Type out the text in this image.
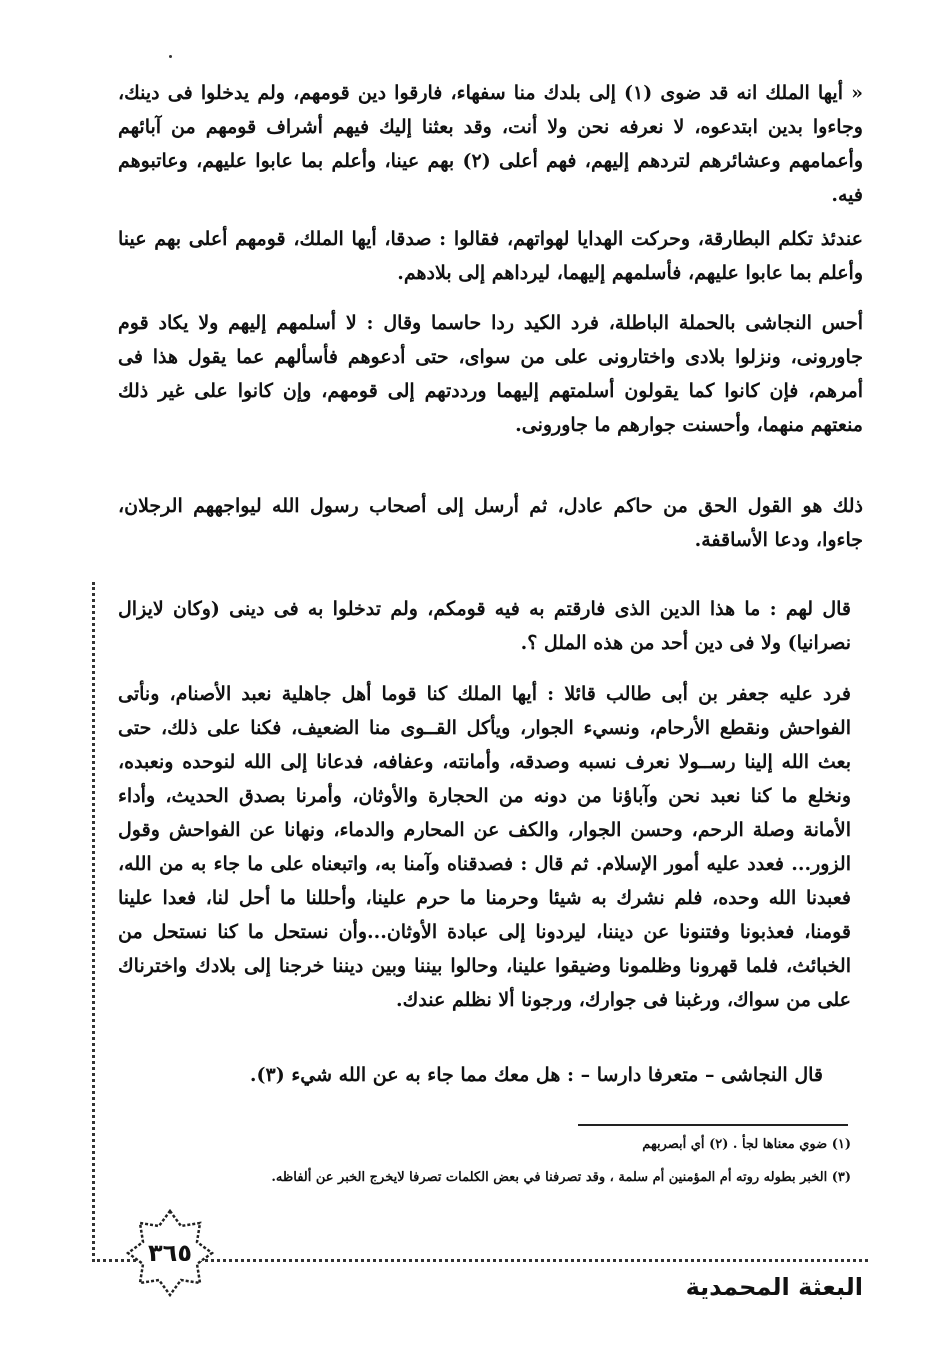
« أيها الملك انه قد ضوى (١) إلى بلدك منا سفهاء، فارقوا دين قومهم، ولم يدخلوا فى دينك، وجاءوا بدين ابتدعوه، لا نعرفه نحن ولا أنت، وقد بعثنا إليك فيهم أشراف قومهم من آبائهم وأعمامهم وعشائرهم لتردهم إليهم، فهم أعلى (٢) بهم عينا، وأعلم بما عابوا عليهم، وعاتبوهم فيه.

عندئذ تكلم البطارقة، وحركت الهدايا لهواتهم، فقالوا : صدقا، أيها الملك، قومهم أعلى بهم عينا وأعلم بما عابوا عليهم، فأسلمهم إليهما، ليرداهم إلى بلادهم.

أحس النجاشى بالحملة الباطلة، فرد الكيد ردا حاسما وقال : لا أسلمهم إليهم ولا يكاد قوم جاورونى، ونزلوا بلادى واختارونى على من سواى، حتى أدعوهم فأسألهم عما يقول هذا فى أمرهم، فإن كانوا كما يقولون أسلمتهم إليهما ورددتهم إلى قومهم، وإن كانوا على غير ذلك منعتهم منهما، وأحسنت جوارهم ما جاورونى.

ذلك هو القول الحق من حاكم عادل، ثم أرسل إلى أصحاب رسول الله ليواجههم الرجلان، جاءوا، ودعا الأساقفة.

قال لهم : ما هذا الدين الذى فارقتم به فيه قومكم، ولم تدخلوا به فى دينى (وكان لايزال نصرانيا) ولا فى دين أحد من هذه الملل ؟.

فرد عليه جعفر بن أبى طالب قائلا : أيها الملك كنا قوما أهل جاهلية نعبد الأصنام، ونأتى الفواحش ونقطع الأرحام، ونسيء الجوار، ويأكل القــوى منا الضعيف، فكنا على ذلك، حتى بعث الله إلينا رســولا نعرف نسبه وصدقه، وأمانته، وعفافه، فدعانا إلى الله لنوحده ونعبده، ونخلع ما كنا نعبد نحن وآباؤنا من دونه من الحجارة والأوثان، وأمرنا بصدق الحديث، وأداء الأمانة وصلة الرحم، وحسن الجوار، والكف عن المحارم والدماء، ونهانا عن الفواحش وقول الزور... فعدد عليه أمور الإسلام. ثم قال : فصدقناه وآمنا به، واتبعناه على ما جاء به من الله، فعبدنا الله وحده، فلم نشرك به شيئا وحرمنا ما حرم علينا، وأحللنا ما أحل لنا، فعدا علينا قومنا، فعذبونا وفتنونا عن ديننا، ليردونا إلى عبادة الأوثان...وأن نستحل ما كنا نستحل من الخبائث، فلما قهرونا وظلمونا وضيقوا علينا، وحالوا بيننا وبين ديننا خرجنا إلى بلادك واخترناك على من سواك، ورغبنا فى جوارك، ورجونا ألا نظلم عندك.

قال النجاشى – متعرفا دارسا – : هل معك مما جاء به عن الله شيء (٣).

(١) ضوي معناها لجأ . (٢) أي أبصربهم

(٣) الخبر بطوله روته أم المؤمنين أم سلمة ، وقد تصرفنا في بعض الكلمات تصرفا لايخرج الخبر عن ألفاظه.

٣٦٥
البعثة المحمدية
